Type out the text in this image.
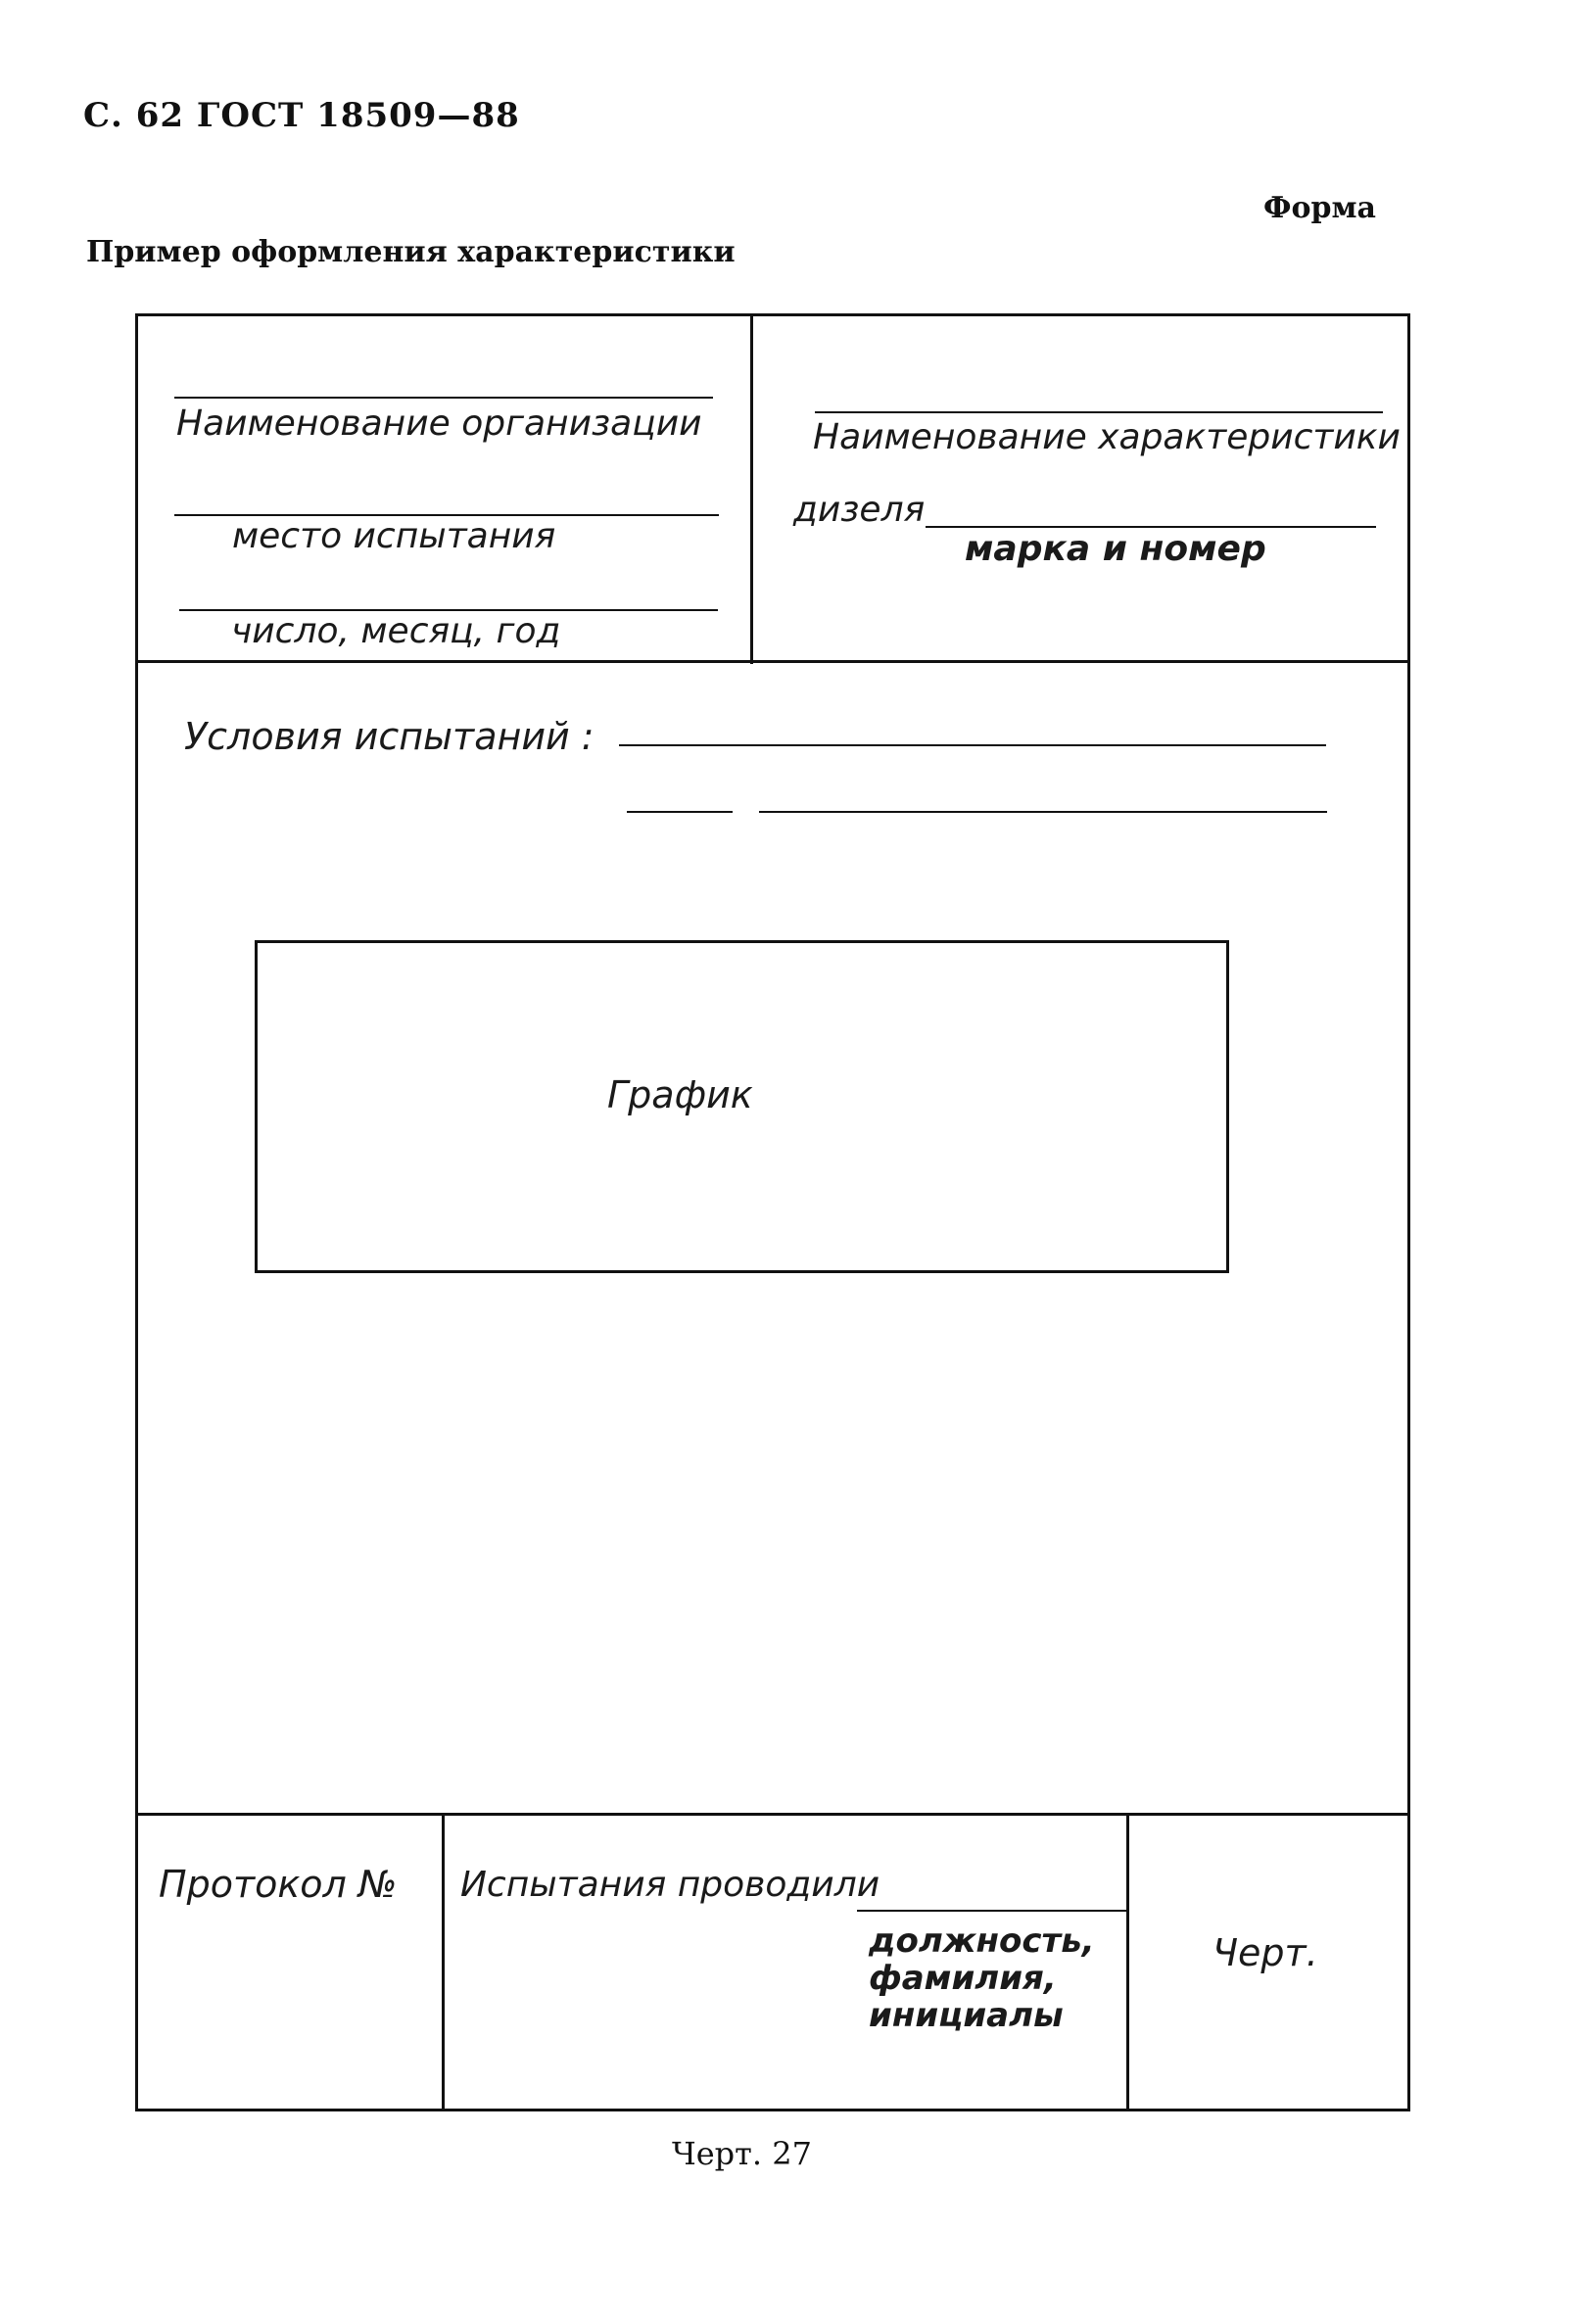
С. 62 ГОСТ 18509—88
Форма
Пример оформления характеристики
Наименование организации
место испытания
число, месяц, год
Наименование характеристики
дизеля
марка и номер
Условия испытаний :
График
Протокол № Испытания проводили
должность,
фамилия,
инициалы
Черт.
Черт. 27
